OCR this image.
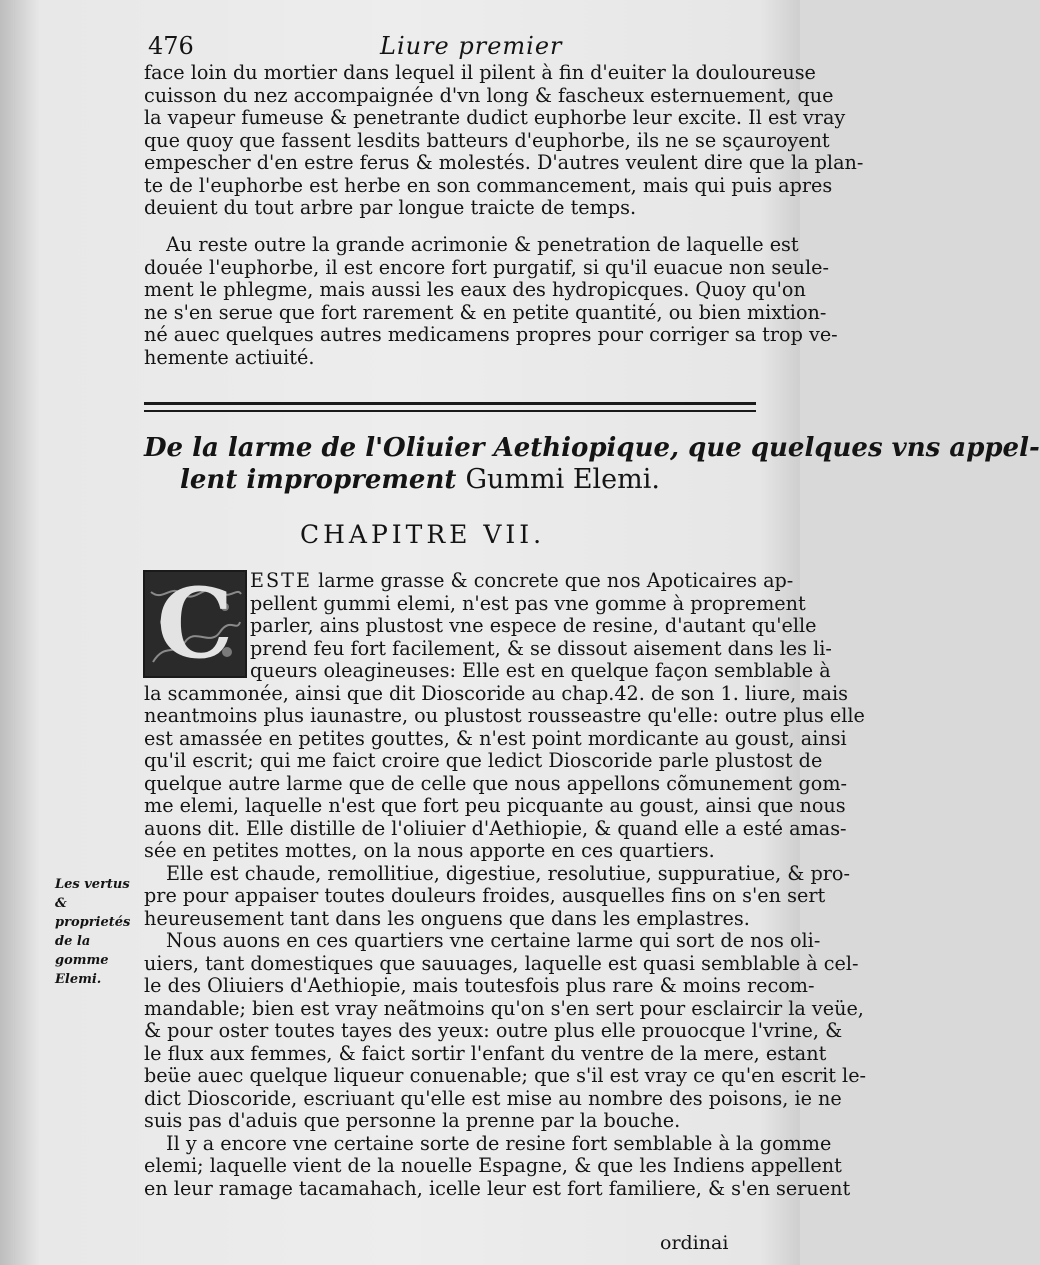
476	Liure premier
face loin du mortier dans lequel il pilent à fin d'euiter la douloureuse
cuisson du nez accompaignée d'vn long & fascheux esternuement, que
la vapeur fumeuse & penetrante dudict euphorbe leur excite. Il est vray
que quoy que fassent lesdits batteurs d'euphorbe, ils ne se sçauroyent
empescher d'en estre ferus & molestés. D'autres veulent dire que la plan-
te de l'euphorbe est herbe en son commancement, mais qui puis apres
deuient du tout arbre par longue traicte de temps.
Au reste outre la grande acrimonie & penetration de laquelle est
douée l'euphorbe, il est encore fort purgatif, si qu'il euacue non seule-
ment le phlegme, mais aussi les eaux des hydropicques. Quoy qu'on
ne s'en serue que fort rarement & en petite quantité, ou bien mixtion-
né auec quelques autres medicamens propres pour corriger sa trop ve-
hemente actiuité.
De la larme de l'Oliuier Aethiopique, que quelques vns appel-
lent improprement Gummi Elemi.
CHAPITRE VII.
C ESTE larme grasse & concrete que nos Apoticaires ap-
pellent gummi elemi, n'est pas vne gomme à proprement
parler, ains plustost vne espece de resine, d'autant qu'elle
prend feu fort facilement, & se dissout aisement dans les li-
queurs oleagineuses: Elle est en quelque façon semblable à
la scammonée, ainsi que dit Dioscoride au chap.42. de son 1. liure, mais
neantmoins plus iaunastre, ou plustost rousseastre qu'elle: outre plus elle
est amassée en petites gouttes, & n'est point mordicante au goust, ainsi
qu'il escrit; qui me faict croire que ledict Dioscoride parle plustost de
quelque autre larme que de celle que nous appellons cõmunement gom-
me elemi, laquelle n'est que fort peu picquante au goust, ainsi que nous
auons dit. Elle distille de l'oliuier d'Aethiopie, & quand elle a esté amas-
sée en petites mottes, on la nous apporte en ces quartiers.
Elle est chaude, remollitiue, digestiue, resolutiue, suppuratiue, & pro-
pre pour appaiser toutes douleurs froides, ausquelles fins on s'en sert
heureusement tant dans les onguens que dans les emplastres.
Nous auons en ces quartiers vne certaine larme qui sort de nos oli-
uiers, tant domestiques que sauuages, laquelle est quasi semblable à cel-
le des Oliuiers d'Aethiopie, mais toutesfois plus rare & moins recom-
mandable; bien est vray neãtmoins qu'on s'en sert pour esclaircir la veüe,
& pour oster toutes tayes des yeux: outre plus elle prouocque l'vrine, &
le flux aux femmes, & faict sortir l'enfant du ventre de la mere, estant
beüe auec quelque liqueur conuenable; que s'il est vray ce qu'en escrit le-
dict Dioscoride, escriuant qu'elle est mise au nombre des poisons, ie ne
suis pas d'aduis que personne la prenne par la bouche.
Il y a encore vne certaine sorte de resine fort semblable à la gomme
elemi; laquelle vient de la nouelle Espagne, & que les Indiens appellent
en leur ramage tacamahach, icelle leur est fort familiere, & s'en seruent
Les vertus & proprietés de la gomme Elemi.
ordinai
